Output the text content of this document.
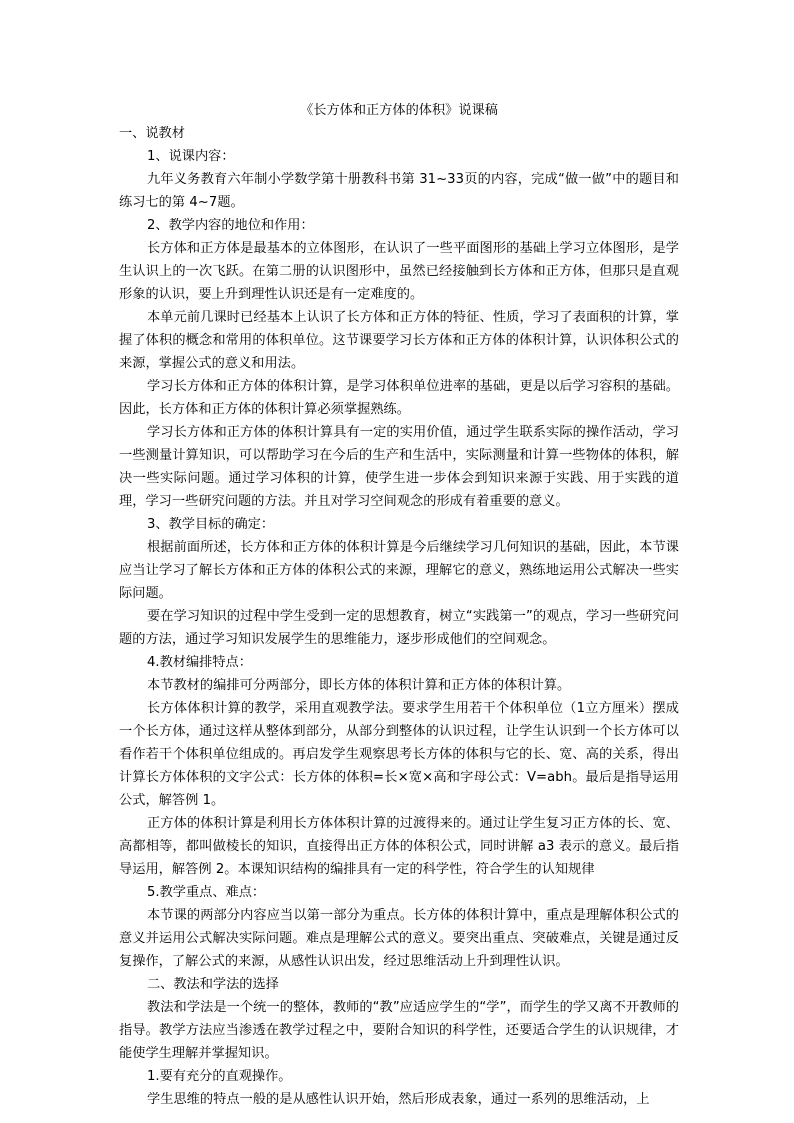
《长方体和正方体的体积》说课稿
一、说教材
1、说课内容：

九年义务教育六年制小学数学第十册教科书第 31~33页的内容，完成“做一做”中的题目和练习七的第 4~7题。

2、教学内容的地位和作用：

长方体和正方体是最基本的立体图形，在认识了一些平面图形的基础上学习立体图形，是学生认识上的一次飞跃。在第二册的认识图形中，虽然已经接触到长方体和正方体，但那只是直观形象的认识，要上升到理性认识还是有一定难度的。

本单元前几课时已经基本上认识了长方体和正方体的特征、性质，学习了表面积的计算，掌握了体积的概念和常用的体积单位。这节课要学习长方体和正方体的体积计算，认识体积公式的来源，掌握公式的意义和用法。

学习长方体和正方体的体积计算，是学习体积单位进率的基础，更是以后学习容积的基础。因此，长方体和正方体的体积计算必须掌握熟练。

学习长方体和正方体的体积计算具有一定的实用价值，通过学生联系实际的操作活动，学习一些测量计算知识，可以帮助学习在今后的生产和生活中，实际测量和计算一些物体的体积，解决一些实际问题。通过学习体积的计算，使学生进一步体会到知识来源于实践、用于实践的道理，学习一些研究问题的方法。并且对学习空间观念的形成有着重要的意义。

3、教学目标的确定：

根据前面所述，长方体和正方体的体积计算是今后继续学习几何知识的基础，因此，本节课应当让学习了解长方体和正方体的体积公式的来源，理解它的意义，熟练地运用公式解决一些实际问题。

要在学习知识的过程中学生受到一定的思想教育，树立“实践第一”的观点，学习一些研究问题的方法，通过学习知识发展学生的思维能力，逐步形成他们的空间观念。

4.教材编排特点：

本节教材的编排可分两部分，即长方体的体积计算和正方体的体积计算。

长方体体积计算的教学，采用直观教学法。要求学生用若干个体积单位（1立方厘米）摆成一个长方体，通过这样从整体到部分，从部分到整体的认识过程，让学生认识到一个长方体可以看作若干个体积单位组成的。再启发学生观察思考长方体的体积与它的长、宽、高的关系，得出计算长方体体积的文字公式：长方体的体积=长×宽×高和字母公式：V=abh。最后是指导运用公式，解答例 1。

正方体的体积计算是利用长方体体积计算的过渡得来的。通过让学生复习正方体的长、宽、高都相等，都叫做棱长的知识，直接得出正方体的体积公式，同时讲解 a3 表示的意义。最后指导运用，解答例 2。本课知识结构的编排具有一定的科学性，符合学生的认知规律

5.教学重点、难点：

本节课的两部分内容应当以第一部分为重点。长方体的体积计算中，重点是理解体积公式的意义并运用公式解决实际问题。难点是理解公式的意义。要突出重点、突破难点，关键是通过反复操作，了解公式的来源，从感性认识出发，经过思维活动上升到理性认识。

二、教法和学法的选择

教法和学法是一个统一的整体，教师的“教”应适应学生的“学”，而学生的学又离不开教师的指导。教学方法应当渗透在教学过程之中，要附合知识的科学性，还要适合学生的认识规律，才能使学生理解并掌握知识。

1.要有充分的直观操作。

学生思维的特点一般的是从感性认识开始，然后形成表象，通过一系列的思维活动，上
